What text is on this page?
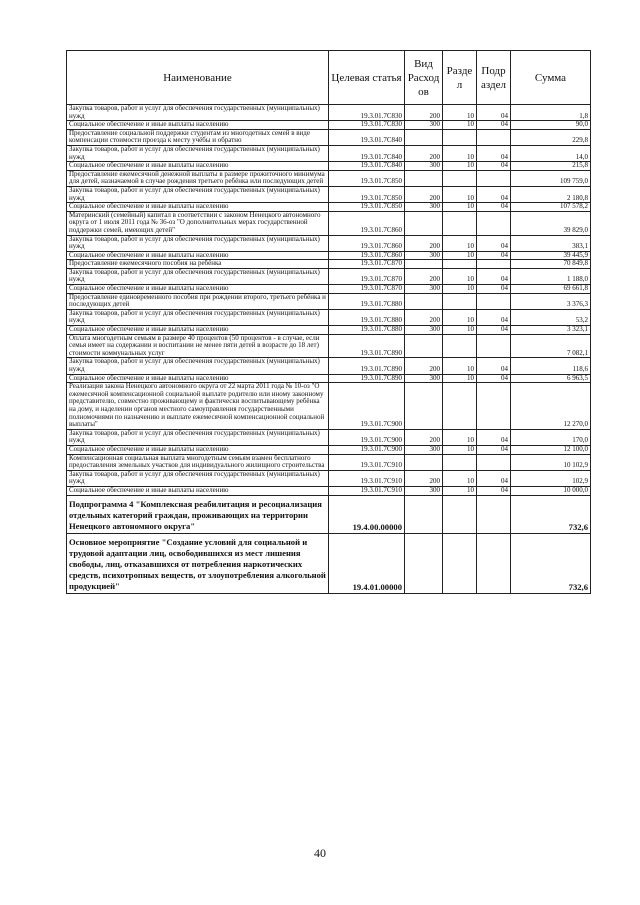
Наименование	Целевая статья	Вид Расход ов	Разде л	Подр аздел	Сумма
Закупка товаров, работ и услуг для обеспечения государственных (муниципальных) нужд	19.3.01.7С830	200	10	04	1,8
Социальное обеспечение и иные выплаты населению	19.3.01.7С830	300	10	04	90,0
Предоставление социальной поддержки студентам из многодетных семей в виде компенсации стоимости проезда к месту учёбы и обратно	19.3.01.7С840				229,8
Закупка товаров, работ и услуг для обеспечения государственных (муниципальных) нужд	19.3.01.7С840	200	10	04	14,0
Социальное обеспечение и иные выплаты населению	19.3.01.7С840	300	10	04	215,8
Предоставление ежемесячной денежной выплаты в размере прожиточного минимума для детей, назначаемой в случае рождения третьего ребёнка или последующих детей	19.3.01.7С850				109 759,0
Закупка товаров, работ и услуг для обеспечения государственных (муниципальных) нужд	19.3.01.7С850	200	10	04	2 180,8
Социальное обеспечение и иные выплаты населению	19.3.01.7С850	300	10	04	107 578,2
Материнский (семейный) капитал в соответствии с законом Ненецкого автономного округа от 1 июля 2011 года № 36-оз "О дополнительных мерах государственной поддержки семей, имеющих детей"	19.3.01.7С860				39 829,0
Закупка товаров, работ и услуг для обеспечения государственных (муниципальных) нужд	19.3.01.7С860	200	10	04	383,1
Социальное обеспечение и иные выплаты населению	19.3.01.7С860	300	10	04	39 445,9
Предоставление ежемесячного пособия на ребёнка	19.3.01.7С870				70 849,8
Закупка товаров, работ и услуг для обеспечения государственных (муниципальных) нужд	19.3.01.7С870	200	10	04	1 188,0
Социальное обеспечение и иные выплаты населению	19.3.01.7С870	300	10	04	69 661,8
Предоставление единовременного пособия при рождении второго, третьего ребёнка и последующих детей	19.3.01.7С880				3 376,3
Закупка товаров, работ и услуг для обеспечения государственных (муниципальных) нужд	19.3.01.7С880	200	10	04	53,2
Социальное обеспечение и иные выплаты населению	19.3.01.7С880	300	10	04	3 323,1
Оплата многодетным семьям в размере 40 процентов (50 процентов - в случае, если семья имеет на содержании и воспитании не менее пяти детей в возрасте до 18 лет) стоимости коммунальных услуг	19.3.01.7С890				7 082,1
Закупка товаров, работ и услуг для обеспечения государственных (муниципальных) нужд	19.3.01.7С890	200	10	04	118,6
Социальное обеспечение и иные выплаты населению	19.3.01.7С890	300	10	04	6 963,5
Реализация закона Ненецкого автономного округа от 22 марта 2011 года № 10-оз "О ежемесячной компенсационной социальной выплате родителю или иному законному представителю, совместно проживающему и фактически воспитывающему ребёнка на дому, и наделении органов местного самоуправления государственными полномочиями по назначению и выплате ежемесячной компенсационной социальной выплаты"	19.3.01.7С900				12 270,0
Закупка товаров, работ и услуг для обеспечения государственных (муниципальных) нужд	19.3.01.7С900	200	10	04	170,0
Социальное обеспечение и иные выплаты населению	19.3.01.7С900	300	10	04	12 100,0
Компенсационная социальная выплата многодетным семьям взамен бесплатного предоставления земельных участков для индивидуального жилищного строительства	19.3.01.7С910				10 102,9
Закупка товаров, работ и услуг для обеспечения государственных (муниципальных) нужд	19.3.01.7С910	200	10	04	102,9
Социальное обеспечение и иные выплаты населению	19.3.01.7С910	300	10	04	10 000,0
Подпрограмма 4 "Комплексная реабилитация и ресоциализация отдельных категорий граждан, проживающих на территории Ненецкого автономного округа"	19.4.00.00000				732,6
Основное мероприятие "Создание условий для социальной и трудовой адаптации лиц, освободившихся из мест лишения свободы, лиц, отказавшихся от потребления наркотических средств, психотропных веществ, от злоупотребления алкогольной продукцией"	19.4.01.00000				732,6
40
